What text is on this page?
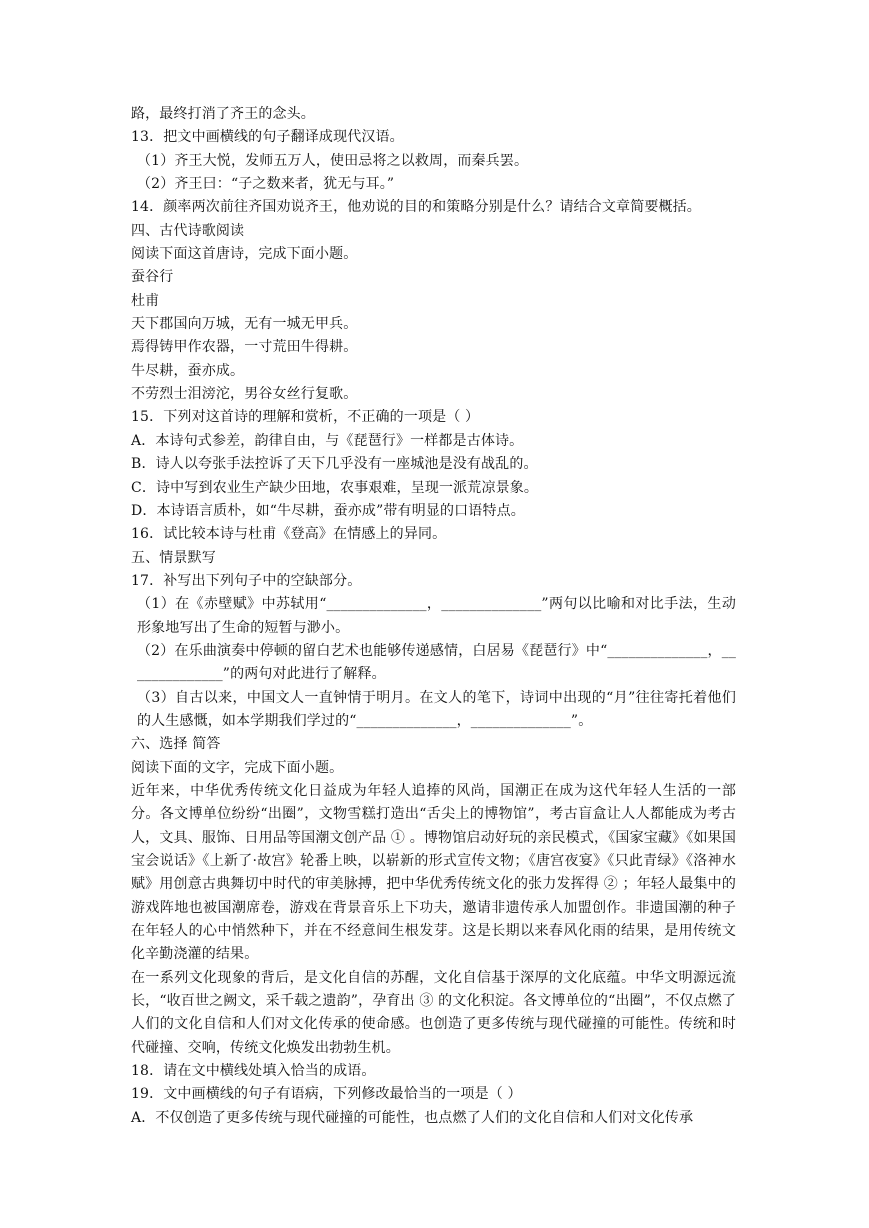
路，最终打消了齐王的念头。
13．把文中画横线的句子翻译成现代汉语。
（1）齐王大悦，发师五万人，使田忌将之以救周，而秦兵罢。
（2）齐王曰：“子之数来者，犹无与耳。”
14．颜率两次前往齐国劝说齐王，他劝说的目的和策略分别是什么？请结合文章简要概括。
四、古代诗歌阅读
阅读下面这首唐诗，完成下面小题。
蚕谷行
杜甫
天下郡国向万城，无有一城无甲兵。
焉得铸甲作农器，一寸荒田牛得耕。
牛尽耕，蚕亦成。
不劳烈士泪滂沱，男谷女丝行复歌。
15．下列对这首诗的理解和赏析，不正确的一项是（ ）
A．本诗句式参差，韵律自由，与《琵琶行》一样都是古体诗。
B．诗人以夸张手法控诉了天下几乎没有一座城池是没有战乱的。
C．诗中写到农业生产缺少田地，农事艰难，呈现一派荒凉景象。
D．本诗语言质朴，如“牛尽耕，蚕亦成”带有明显的口语特点。
16．试比较本诗与杜甫《登高》在情感上的异同。
五、情景默写
17．补写出下列句子中的空缺部分。
（1）在《赤壁赋》中苏轼用“______________，______________”两句以比喻和对比手法，生动形象地写出了生命的短暂与渺小。
（2）在乐曲演奏中停顿的留白艺术也能够传递感情，白居易《琵琶行》中“______________，______________”的两句对此进行了解释。
（3）自古以来，中国文人一直钟情于明月。在文人的笔下，诗词中出现的“月”往往寄托着他们的人生感慨，如本学期我们学过的“______________，______________”。
六、选择 简答
阅读下面的文字，完成下面小题。
近年来，中华优秀传统文化日益成为年轻人追捧的风尚，国潮正在成为这代年轻人生活的一部分。各文博单位纷纷“出圈”，文物雪糕打造出“舌尖上的博物馆”，考古盲盒让人人都能成为考古人，文具、服饰、日用品等国潮文创产品 ① 。博物馆启动好玩的亲民模式，《国家宝藏》《如果国宝会说话》《上新了·故宫》轮番上映，以崭新的形式宣传文物；《唐宫夜宴》《只此青绿》《洛神水赋》用创意古典舞切中时代的审美脉搏，把中华优秀传统文化的张力发挥得 ② ；年轻人最集中的游戏阵地也被国潮席卷，游戏在背景音乐上下功夫，邀请非遗传承人加盟创作。非遗国潮的种子在年轻人的心中悄然种下，并在不经意间生根发芽。这是长期以来春风化雨的结果，是用传统文化辛勤浇灌的结果。
在一系列文化现象的背后，是文化自信的苏醒，文化自信基于深厚的文化底蕴。中华文明源远流长，“收百世之阙文，采千载之遗韵”，孕育出 ③ 的文化积淀。各文博单位的“出圈”，不仅点燃了人们的文化自信和人们对文化传承的使命感。也创造了更多传统与现代碰撞的可能性。传统和时代碰撞、交响，传统文化焕发出勃勃生机。
18．请在文中横线处填入恰当的成语。
19．文中画横线的句子有语病，下列修改最恰当的一项是（ ）
A．不仅创造了更多传统与现代碰撞的可能性，也点燃了人们的文化自信和人们对文化传承
